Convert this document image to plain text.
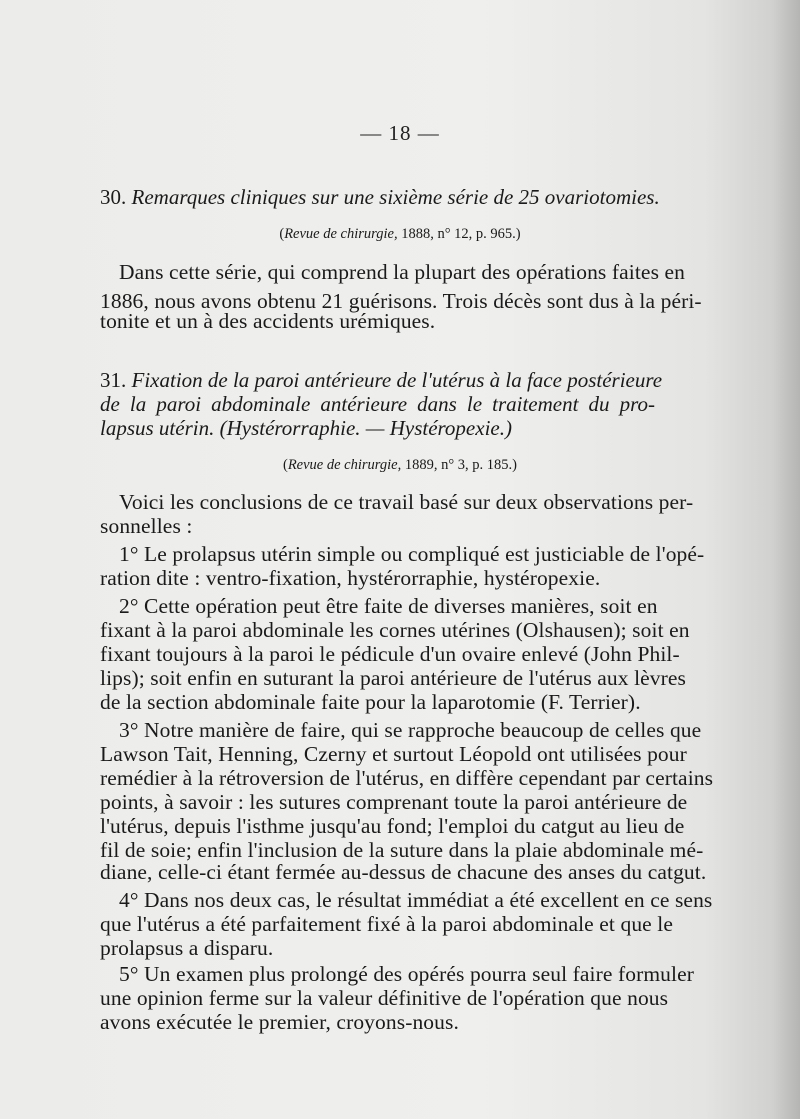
— 18 —

30. Remarques cliniques sur une sixième série de 25 ovariotomies.

(Revue de chirurgie, 1888, n° 12, p. 965.)

Dans cette série, qui comprend la plupart des opérations faites en

1886, nous avons obtenu 21 guérisons. Trois décès sont dus à la péri-

tonite et un à des accidents urémiques.

31. Fixation de la paroi antérieure de l'utérus à la face postérieure

de la paroi abdominale antérieure dans le traitement du pro-

lapsus utérin. (Hystérorraphie. — Hystéropexie.)

(Revue de chirurgie, 1889, n° 3, p. 185.)

Voici les conclusions de ce travail basé sur deux observations per-

sonnelles :

1° Le prolapsus utérin simple ou compliqué est justiciable de l'opé-

ration dite : ventro-fixation, hystérorraphie, hystéropexie.

2° Cette opération peut être faite de diverses manières, soit en

fixant à la paroi abdominale les cornes utérines (Olshausen); soit en

fixant toujours à la paroi le pédicule d'un ovaire enlevé (John Phil-

lips); soit enfin en suturant la paroi antérieure de l'utérus aux lèvres

de la section abdominale faite pour la laparotomie (F. Terrier).

3° Notre manière de faire, qui se rapproche beaucoup de celles que

Lawson Tait, Henning, Czerny et surtout Léopold ont utilisées pour

remédier à la rétroversion de l'utérus, en diffère cependant par certains

points, à savoir : les sutures comprenant toute la paroi antérieure de

l'utérus, depuis l'isthme jusqu'au fond; l'emploi du catgut au lieu de

fil de soie; enfin l'inclusion de la suture dans la plaie abdominale mé-

diane, celle-ci étant fermée au-dessus de chacune des anses du catgut.

4° Dans nos deux cas, le résultat immédiat a été excellent en ce sens

que l'utérus a été parfaitement fixé à la paroi abdominale et que le

prolapsus a disparu.

5° Un examen plus prolongé des opérés pourra seul faire formuler

une opinion ferme sur la valeur définitive de l'opération que nous

avons exécutée le premier, croyons-nous.
